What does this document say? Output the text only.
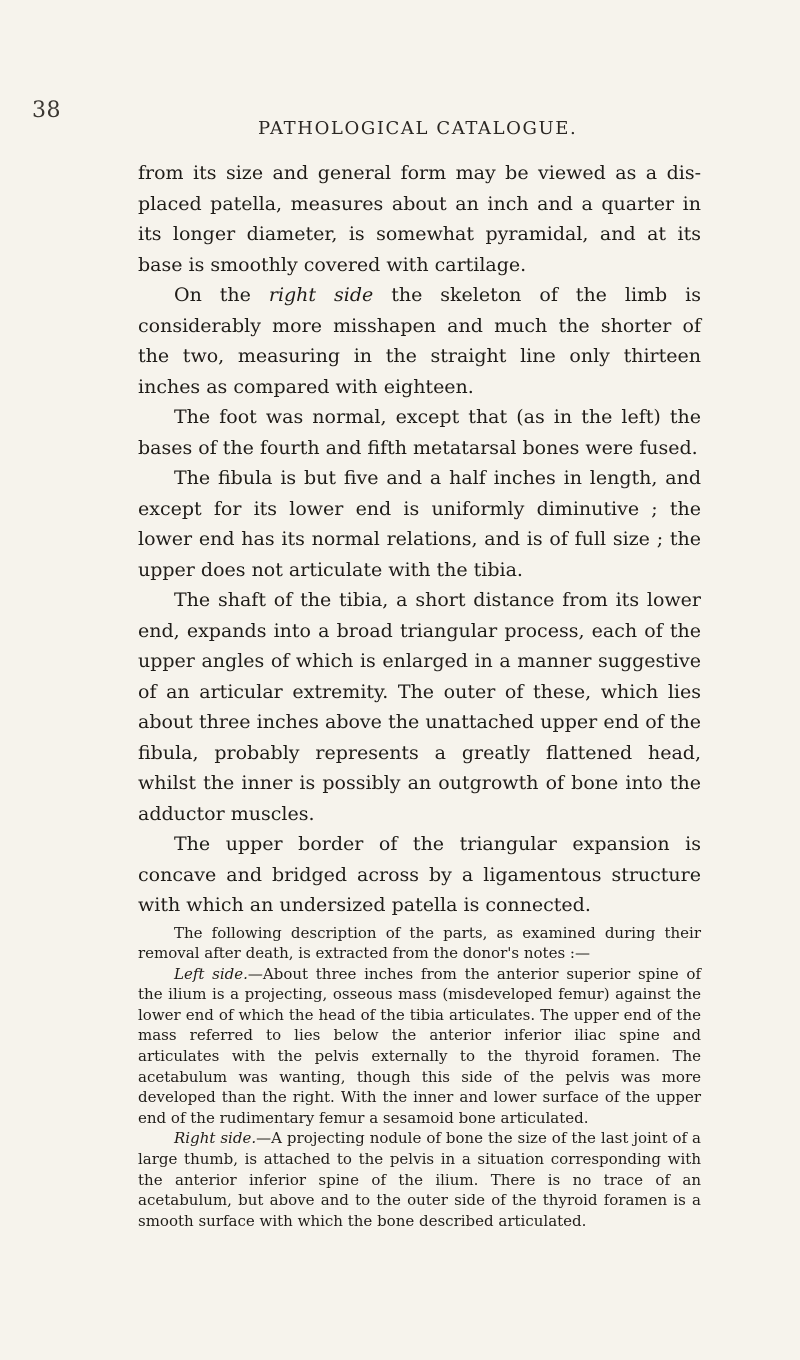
38
PATHOLOGICAL CATALOGUE.

from its size and general form may be viewed as a dis- placed patella, measures about an inch and a quarter in its longer diameter, is somewhat pyramidal, and at its base is smoothly covered with cartilage.

On the right side the skeleton of the limb is considerably more misshapen and much the shorter of the two, measuring in the straight line only thirteen inches as compared with eighteen.

The foot was normal, except that (as in the left) the bases of the fourth and fifth metatarsal bones were fused.

The fibula is but five and a half inches in length, and except for its lower end is uniformly diminutive ; the lower end has its normal relations, and is of full size ; the upper does not articulate with the tibia.

The shaft of the tibia, a short distance from its lower end, expands into a broad triangular process, each of the upper angles of which is enlarged in a manner suggestive of an articular extremity. The outer of these, which lies about three inches above the unattached upper end of the fibula, probably represents a greatly flattened head, whilst the inner is possibly an outgrowth of bone into the adductor muscles.

The upper border of the triangular expansion is concave and bridged across by a ligamentous structure with which an undersized patella is connected.

The following description of the parts, as examined during their removal after death, is extracted from the donor's notes :—

Left side.—About three inches from the anterior superior spine of the ilium is a projecting, osseous mass (misdeveloped femur) against the lower end of which the head of the tibia articulates. The upper end of the mass referred to lies below the anterior inferior iliac spine and articulates with the pelvis externally to the thyroid foramen. The acetabulum was wanting, though this side of the pelvis was more developed than the right. With the inner and lower surface of the upper end of the rudimentary femur a sesamoid bone articulated.

Right side.—A projecting nodule of bone the size of the last joint of a large thumb, is attached to the pelvis in a situation corresponding with the anterior inferior spine of the ilium. There is no trace of an acetabulum, but above and to the outer side of the thyroid foramen is a smooth surface with which the bone described articulated.
